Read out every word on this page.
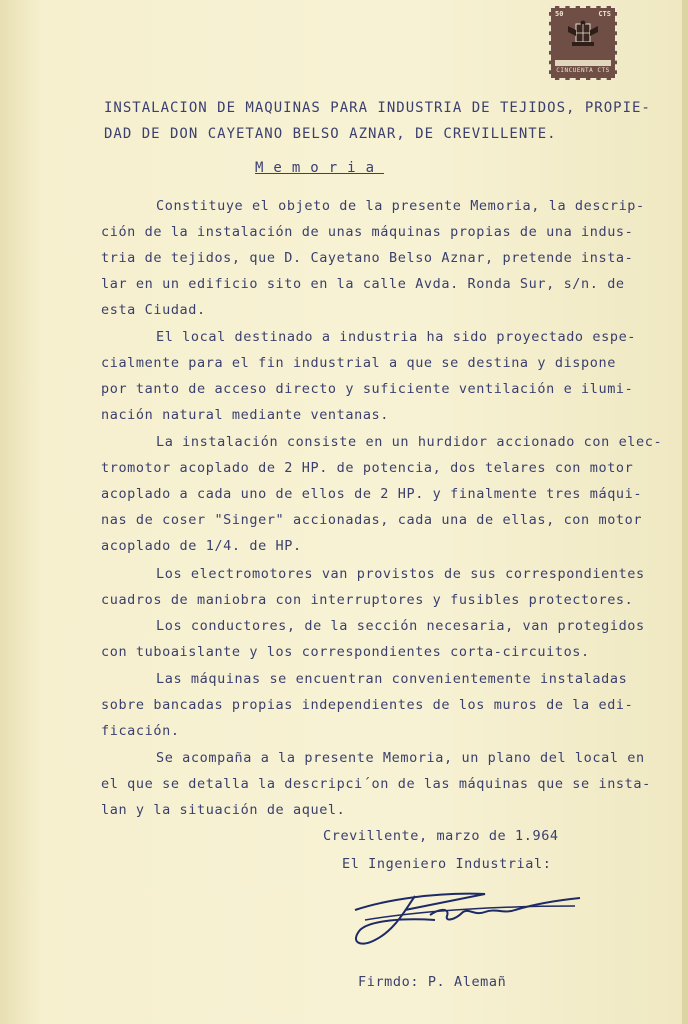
50	CTS
CINCUENTA CTS
INSTALACION DE MAQUINAS PARA INDUSTRIA DE TEJIDOS, PROPIE-
DAD DE DON CAYETANO BELSO AZNAR, DE CREVILLENTE.
Memoria
Constituye el objeto de la presente Memoria, la descrip-
ción de la instalación de unas máquinas propias de una indus-
tria de tejidos, que D. Cayetano Belso Aznar, pretende insta-
lar en un edificio sito en la calle Avda. Ronda Sur, s/n. de
esta Ciudad.
El local destinado a industria ha sido proyectado espe-
cialmente para el fin industrial a que se destina y dispone
por tanto de acceso directo y suficiente ventilación e ilumi-
nación natural mediante ventanas.
La instalación consiste en un hurdidor accionado con elec-
tromotor acoplado de 2 HP. de potencia, dos telares con motor
acoplado a cada uno de ellos de 2 HP. y finalmente tres máqui-
nas de coser "Singer" accionadas, cada una de ellas, con motor
acoplado de 1/4. de HP.
Los electromotores van provistos de sus correspondientes
cuadros de maniobra con interruptores y fusibles protectores.
Los conductores, de la sección necesaria, van protegidos
con tuboaislante y los correspondientes corta-circuitos.
Las máquinas se encuentran convenientemente instaladas
sobre bancadas propias independientes de los muros de la edi-
ficación.
Se acompaña a la presente Memoria, un plano del local en
el que se detalla la descripci´on de las máquinas que se insta-
lan y la situación de aquel.
Crevillente, marzo de 1.964
El Ingeniero Industrial:
Firmdo: P. Alemañ
